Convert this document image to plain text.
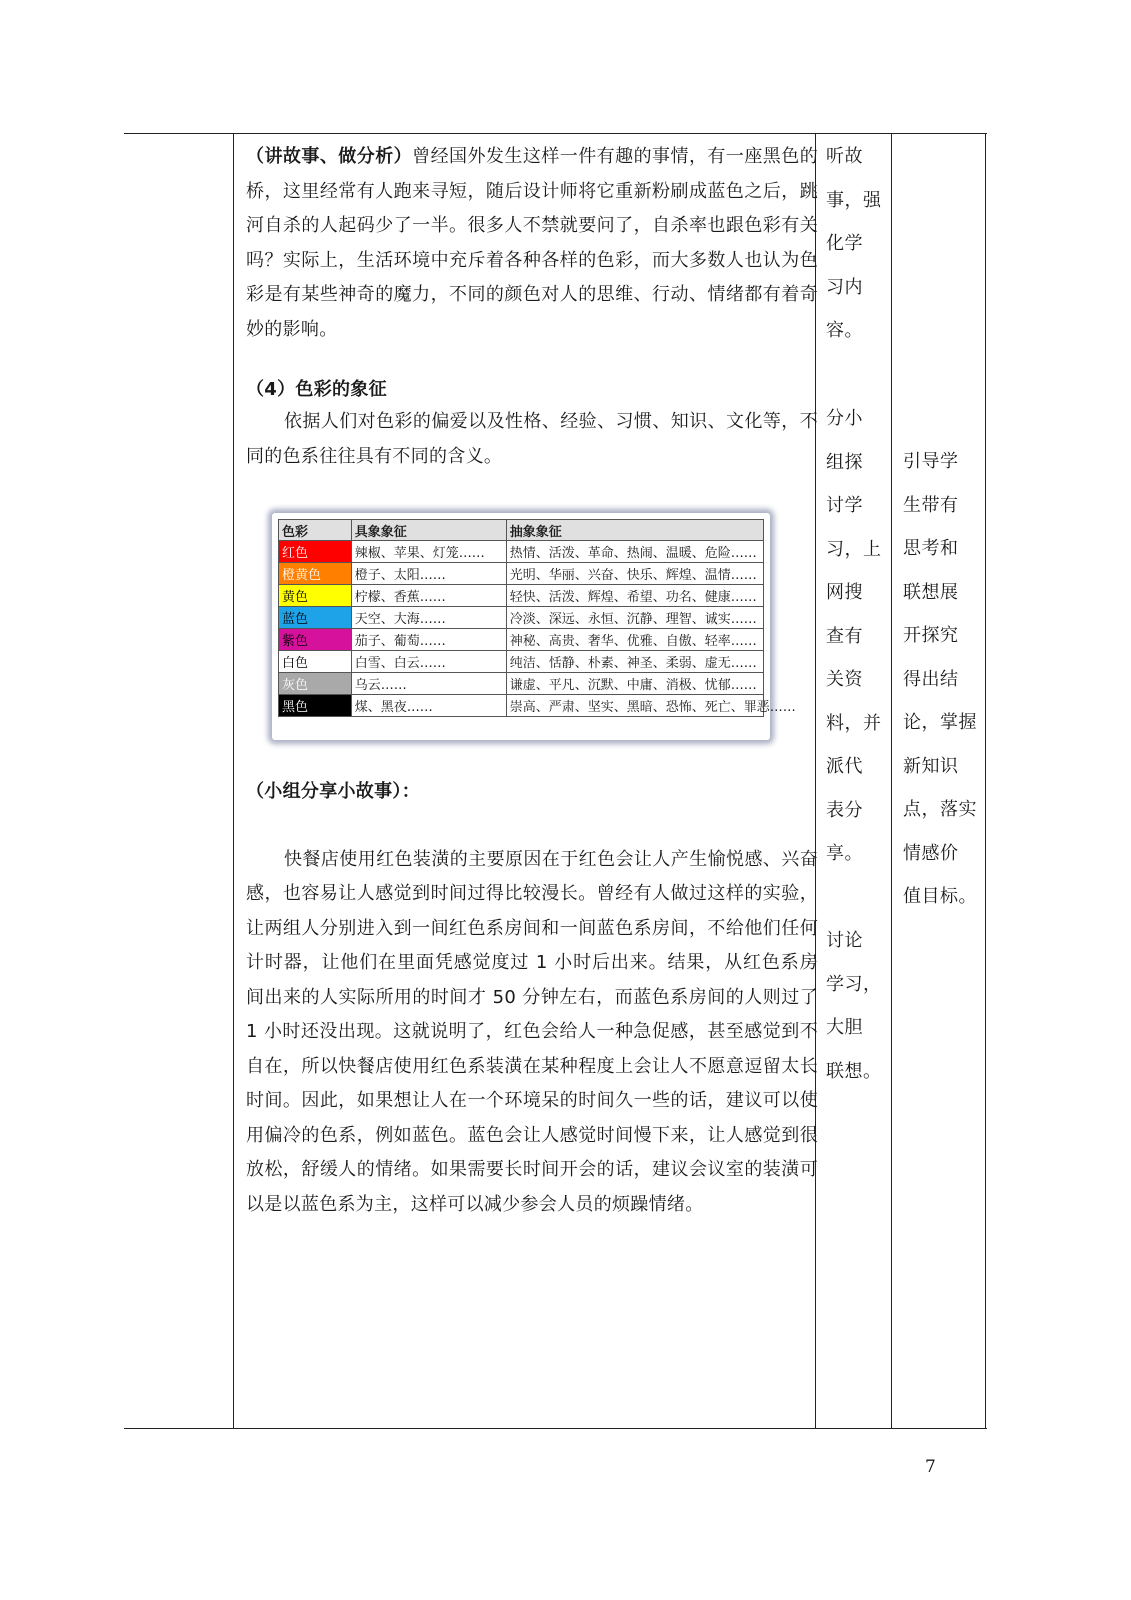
（讲故事、做分析）曾经国外发生这样一件有趣的事情，有一座黑色的桥，这里经常有人跑来寻短，随后设计师将它重新粉刷成蓝色之后，跳河自杀的人起码少了一半。很多人不禁就要问了，自杀率也跟色彩有关吗？实际上，生活环境中充斥着各种各样的色彩，而大多数人也认为色彩是有某些神奇的魔力，不同的颜色对人的思维、行动、情绪都有着奇妙的影响。

（4）色彩的象征

依据人们对色彩的偏爱以及性格、经验、习惯、知识、文化等，不同的色系往往具有不同的含义。

色彩	具象象征	抽象象征
红色	辣椒、苹果、灯笼……	热情、活泼、革命、热闹、温暖、危险……
橙黄色	橙子、太阳……	光明、华丽、兴奋、快乐、辉煌、温情……
黄色	柠檬、香蕉……	轻快、活泼、辉煌、希望、功名、健康……
蓝色	天空、大海……	冷淡、深远、永恒、沉静、理智、诚实……
紫色	茄子、葡萄……	神秘、高贵、奢华、优雅、自傲、轻率……
白色	白雪、白云……	纯洁、恬静、朴素、神圣、柔弱、虚无……
灰色	乌云……	谦虚、平凡、沉默、中庸、消极、忧郁……
黑色	煤、黑夜……	崇高、严肃、坚实、黑暗、恐怖、死亡、罪恶……

（小组分享小故事）：

快餐店使用红色装潢的主要原因在于红色会让人产生愉悦感、兴奋感，也容易让人感觉到时间过得比较漫长。曾经有人做过这样的实验，让两组人分别进入到一间红色系房间和一间蓝色系房间，不给他们任何计时器，让他们在里面凭感觉度过 1 小时后出来。结果，从红色系房间出来的人实际所用的时间才 50 分钟左右，而蓝色系房间的人则过了 1 小时还没出现。这就说明了，红色会给人一种急促感，甚至感觉到不自在，所以快餐店使用红色系装潢在某种程度上会让人不愿意逗留太长时间。因此，如果想让人在一个环境呆的时间久一些的话，建议可以使用偏冷的色系，例如蓝色。蓝色会让人感觉时间慢下来，让人感觉到很放松，舒缓人的情绪。如果需要长时间开会的话，建议会议室的装潢可以是以蓝色系为主，这样可以减少参会人员的烦躁情绪。

听故

事，强

化学

习内

容。

分小

组探

讨学

习，上

网搜

查有

关资

料，并

派代

表分

享。

讨论

学习，

大胆

联想。

引导学

生带有

思考和

联想展

开探究

得出结

论，掌握

新知识

点，落实

情感价

值目标。

7
